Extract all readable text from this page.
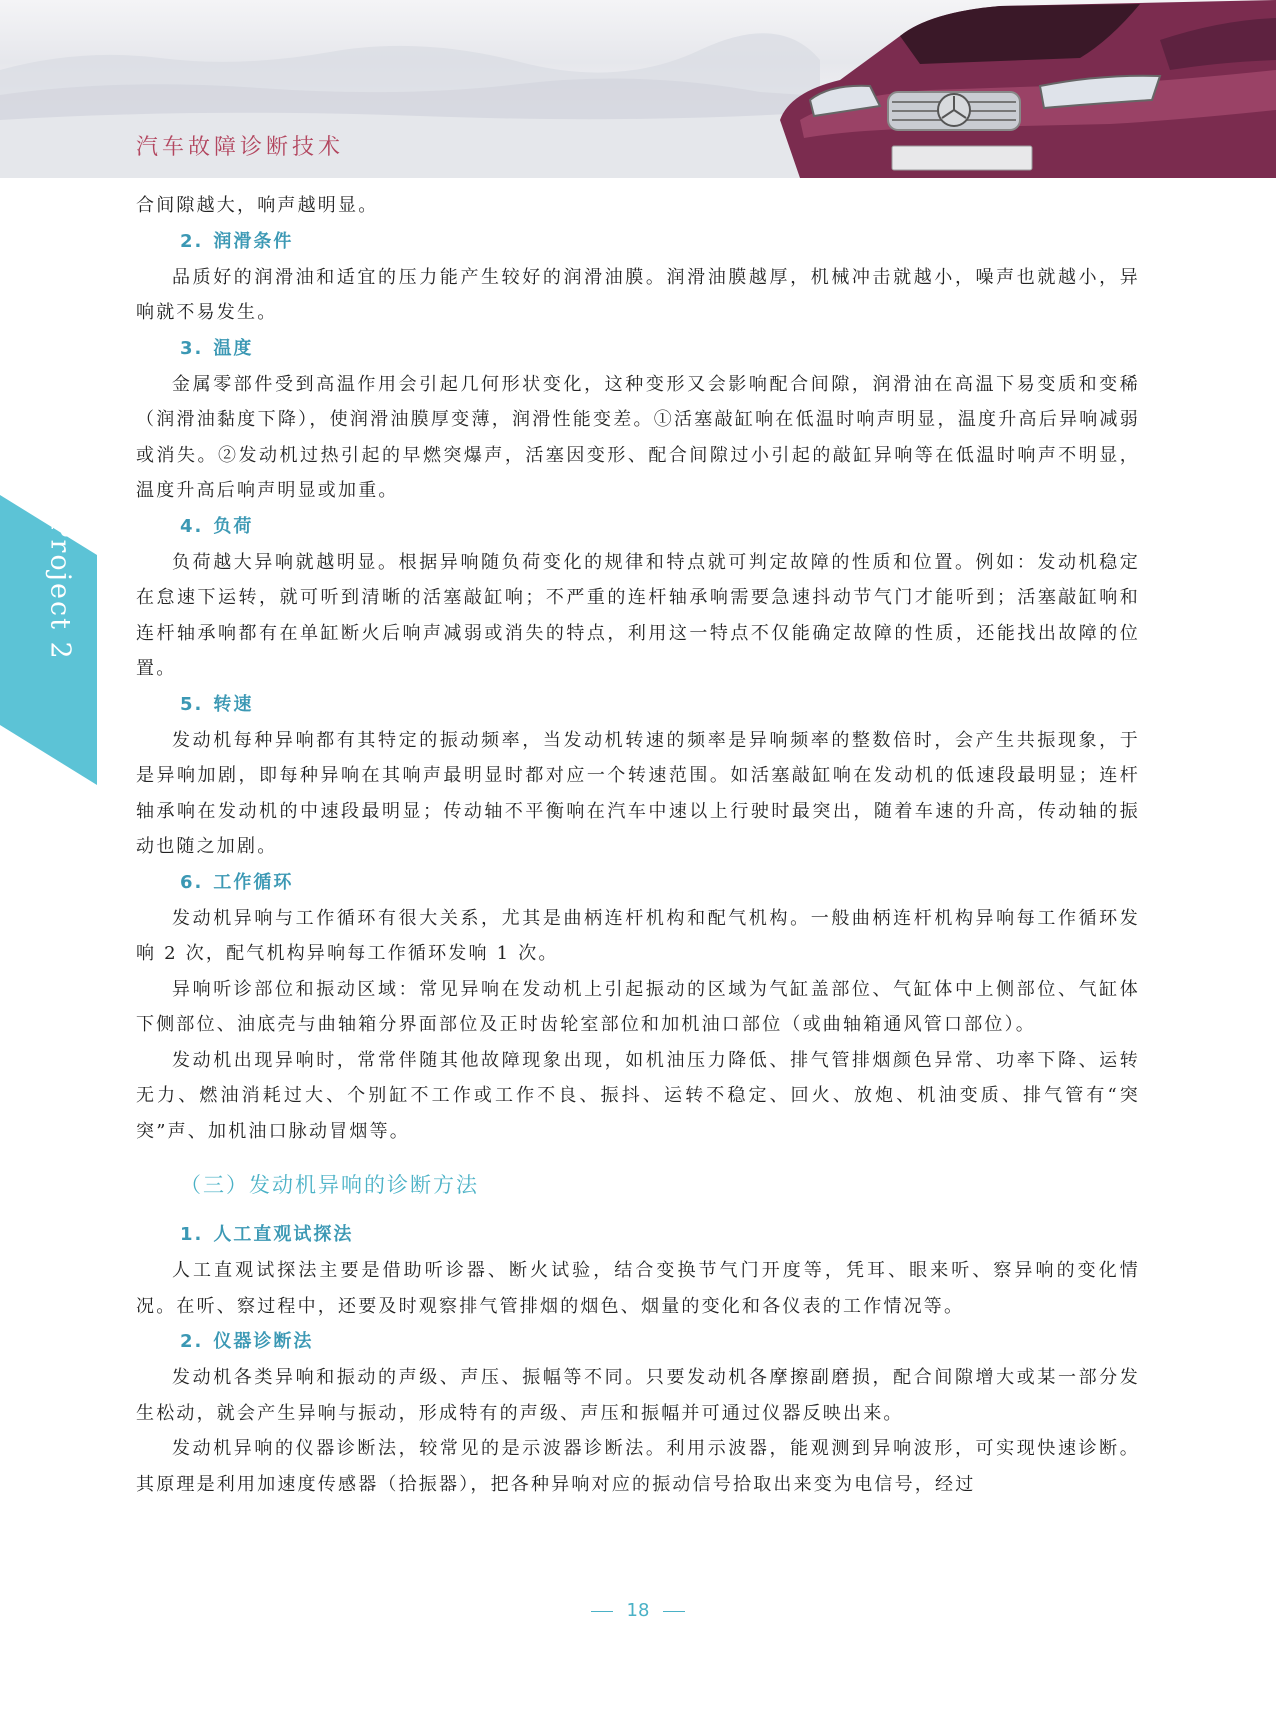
汽车故障诊断技术
Project 2

合间隙越大，响声越明显。

2. 润滑条件

品质好的润滑油和适宜的压力能产生较好的润滑油膜。润滑油膜越厚，机械冲击就越小，噪声也就越小，异响就不易发生。

3. 温度

金属零部件受到高温作用会引起几何形状变化，这种变形又会影响配合间隙，润滑油在高温下易变质和变稀（润滑油黏度下降），使润滑油膜厚变薄，润滑性能变差。①活塞敲缸响在低温时响声明显，温度升高后异响减弱或消失。②发动机过热引起的早燃突爆声，活塞因变形、配合间隙过小引起的敲缸异响等在低温时响声不明显，温度升高后响声明显或加重。

4. 负荷

负荷越大异响就越明显。根据异响随负荷变化的规律和特点就可判定故障的性质和位置。例如：发动机稳定在怠速下运转，就可听到清晰的活塞敲缸响；不严重的连杆轴承响需要急速抖动节气门才能听到；活塞敲缸响和连杆轴承响都有在单缸断火后响声减弱或消失的特点，利用这一特点不仅能确定故障的性质，还能找出故障的位置。

5. 转速

发动机每种异响都有其特定的振动频率，当发动机转速的频率是异响频率的整数倍时，会产生共振现象，于是异响加剧，即每种异响在其响声最明显时都对应一个转速范围。如活塞敲缸响在发动机的低速段最明显；连杆轴承响在发动机的中速段最明显；传动轴不平衡响在汽车中速以上行驶时最突出，随着车速的升高，传动轴的振动也随之加剧。

6. 工作循环

发动机异响与工作循环有很大关系，尤其是曲柄连杆机构和配气机构。一般曲柄连杆机构异响每工作循环发响 2 次，配气机构异响每工作循环发响 1 次。

异响听诊部位和振动区域：常见异响在发动机上引起振动的区域为气缸盖部位、气缸体中上侧部位、气缸体下侧部位、油底壳与曲轴箱分界面部位及正时齿轮室部位和加机油口部位（或曲轴箱通风管口部位）。

发动机出现异响时，常常伴随其他故障现象出现，如机油压力降低、排气管排烟颜色异常、功率下降、运转无力、燃油消耗过大、个别缸不工作或工作不良、振抖、运转不稳定、回火、放炮、机油变质、排气管有“突突”声、加机油口脉动冒烟等。

（三）发动机异响的诊断方法
1. 人工直观试探法

人工直观试探法主要是借助听诊器、断火试验，结合变换节气门开度等，凭耳、眼来听、察异响的变化情况。在听、察过程中，还要及时观察排气管排烟的烟色、烟量的变化和各仪表的工作情况等。

2. 仪器诊断法

发动机各类异响和振动的声级、声压、振幅等不同。只要发动机各摩擦副磨损，配合间隙增大或某一部分发生松动，就会产生异响与振动，形成特有的声级、声压和振幅并可通过仪器反映出来。

发动机异响的仪器诊断法，较常见的是示波器诊断法。利用示波器，能观测到异响波形，可实现快速诊断。其原理是利用加速度传感器（拾振器），把各种异响对应的振动信号拾取出来变为电信号，经过

18
